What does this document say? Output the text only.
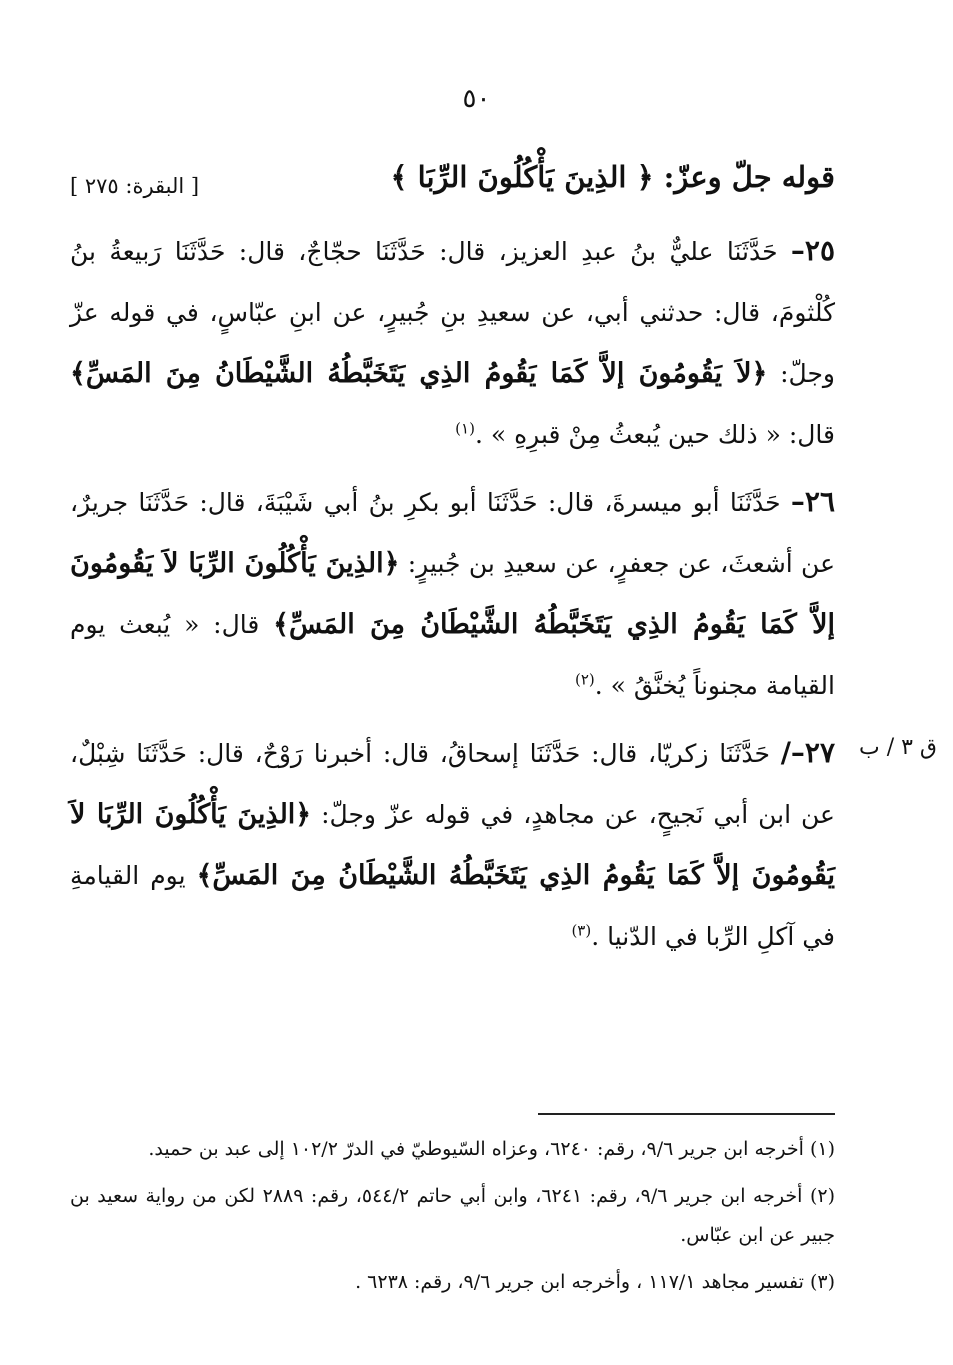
٥٠
قوله جلّ وعزّ: ﴿ الذِينَ يَأْكُلُونَ الرِّبَا ﴾
[ البقرة: ٢٧٥ ]
ق ٣ / ب

٢٥– حَدَّثَنَا عليٌّ بنُ عبدِ العزيز، قال: حَدَّثَنَا حجّاجٌ، قال: حَدَّثَنَا رَبيعةُ بنُ كُلْثومَ، قال: حدثني أبي، عن سعيدِ بنِ جُبيرٍ، عن ابنِ عبّاسٍ، في قوله عزّ وجلّ: ﴿لاَ يَقُومُونَ إلاَّ كَمَا يَقُومُ الذِي يَتَخَبَّطُهُ الشَّيْطَانُ مِنَ المَسِّ﴾ قال: « ذلك حين يُبعثُ مِنْ قبرِهِ » .$^{(١)}$

٢٦– حَدَّثَنَا أبو ميسرةَ، قال: حَدَّثَنَا أبو بكرِ بنُ أبي شَيْبَةَ، قال: حَدَّثَنَا جريرٌ، عن أشعثَ، عن جعفرٍ، عن سعيدِ بن جُبيرٍ: ﴿الذِينَ يَأْكُلُونَ الرِّبَا لاَ يَقُومُونَ إلاَّ كَمَا يَقُومُ الذِي يَتَخَبَّطُهُ الشَّيْطَانُ مِنَ المَسِّ﴾ قال: « يُبعث يوم القيامة مجنوناً يُخنَّقُ » .$^{(٢)}$

٢٧–/ حَدَّثَنَا زكريّا، قال: حَدَّثَنَا إسحاقُ، قال: أخبرنا رَوْحٌ، قال: حَدَّثَنَا شِبْلٌ، عن ابن أبي نَجيحٍ، عن مجاهدٍ، في قوله عزّ وجلّ: ﴿الذِينَ يَأْكُلُونَ الرِّبَا لاَ يَقُومُونَ إلاَّ كَمَا يَقُومُ الذِي يَتَخَبَّطُهُ الشَّيْطَانُ مِنَ المَسِّ﴾ يوم القيامةِ في آكلِ الرِّبا في الدّنيا .$^{(٣)}$

(١) أخرجه ابن جرير ٩/٦، رقم: ٦٢٤٠، وعزاه السّيوطيّ في الدرّ ١٠٢/٢ إلى عبد بن حميد.

(٢) أخرجه ابن جرير ٩/٦، رقم: ٦٢٤١، وابن أبي حاتم ٥٤٤/٢، رقم: ٢٨٨٩ لكن من رواية سعيد بن جبير عن ابن عبّاس.

(٣) تفسير مجاهد ١١٧/١ ، وأخرجه ابن جرير ٩/٦، رقم: ٦٢٣٨ .
